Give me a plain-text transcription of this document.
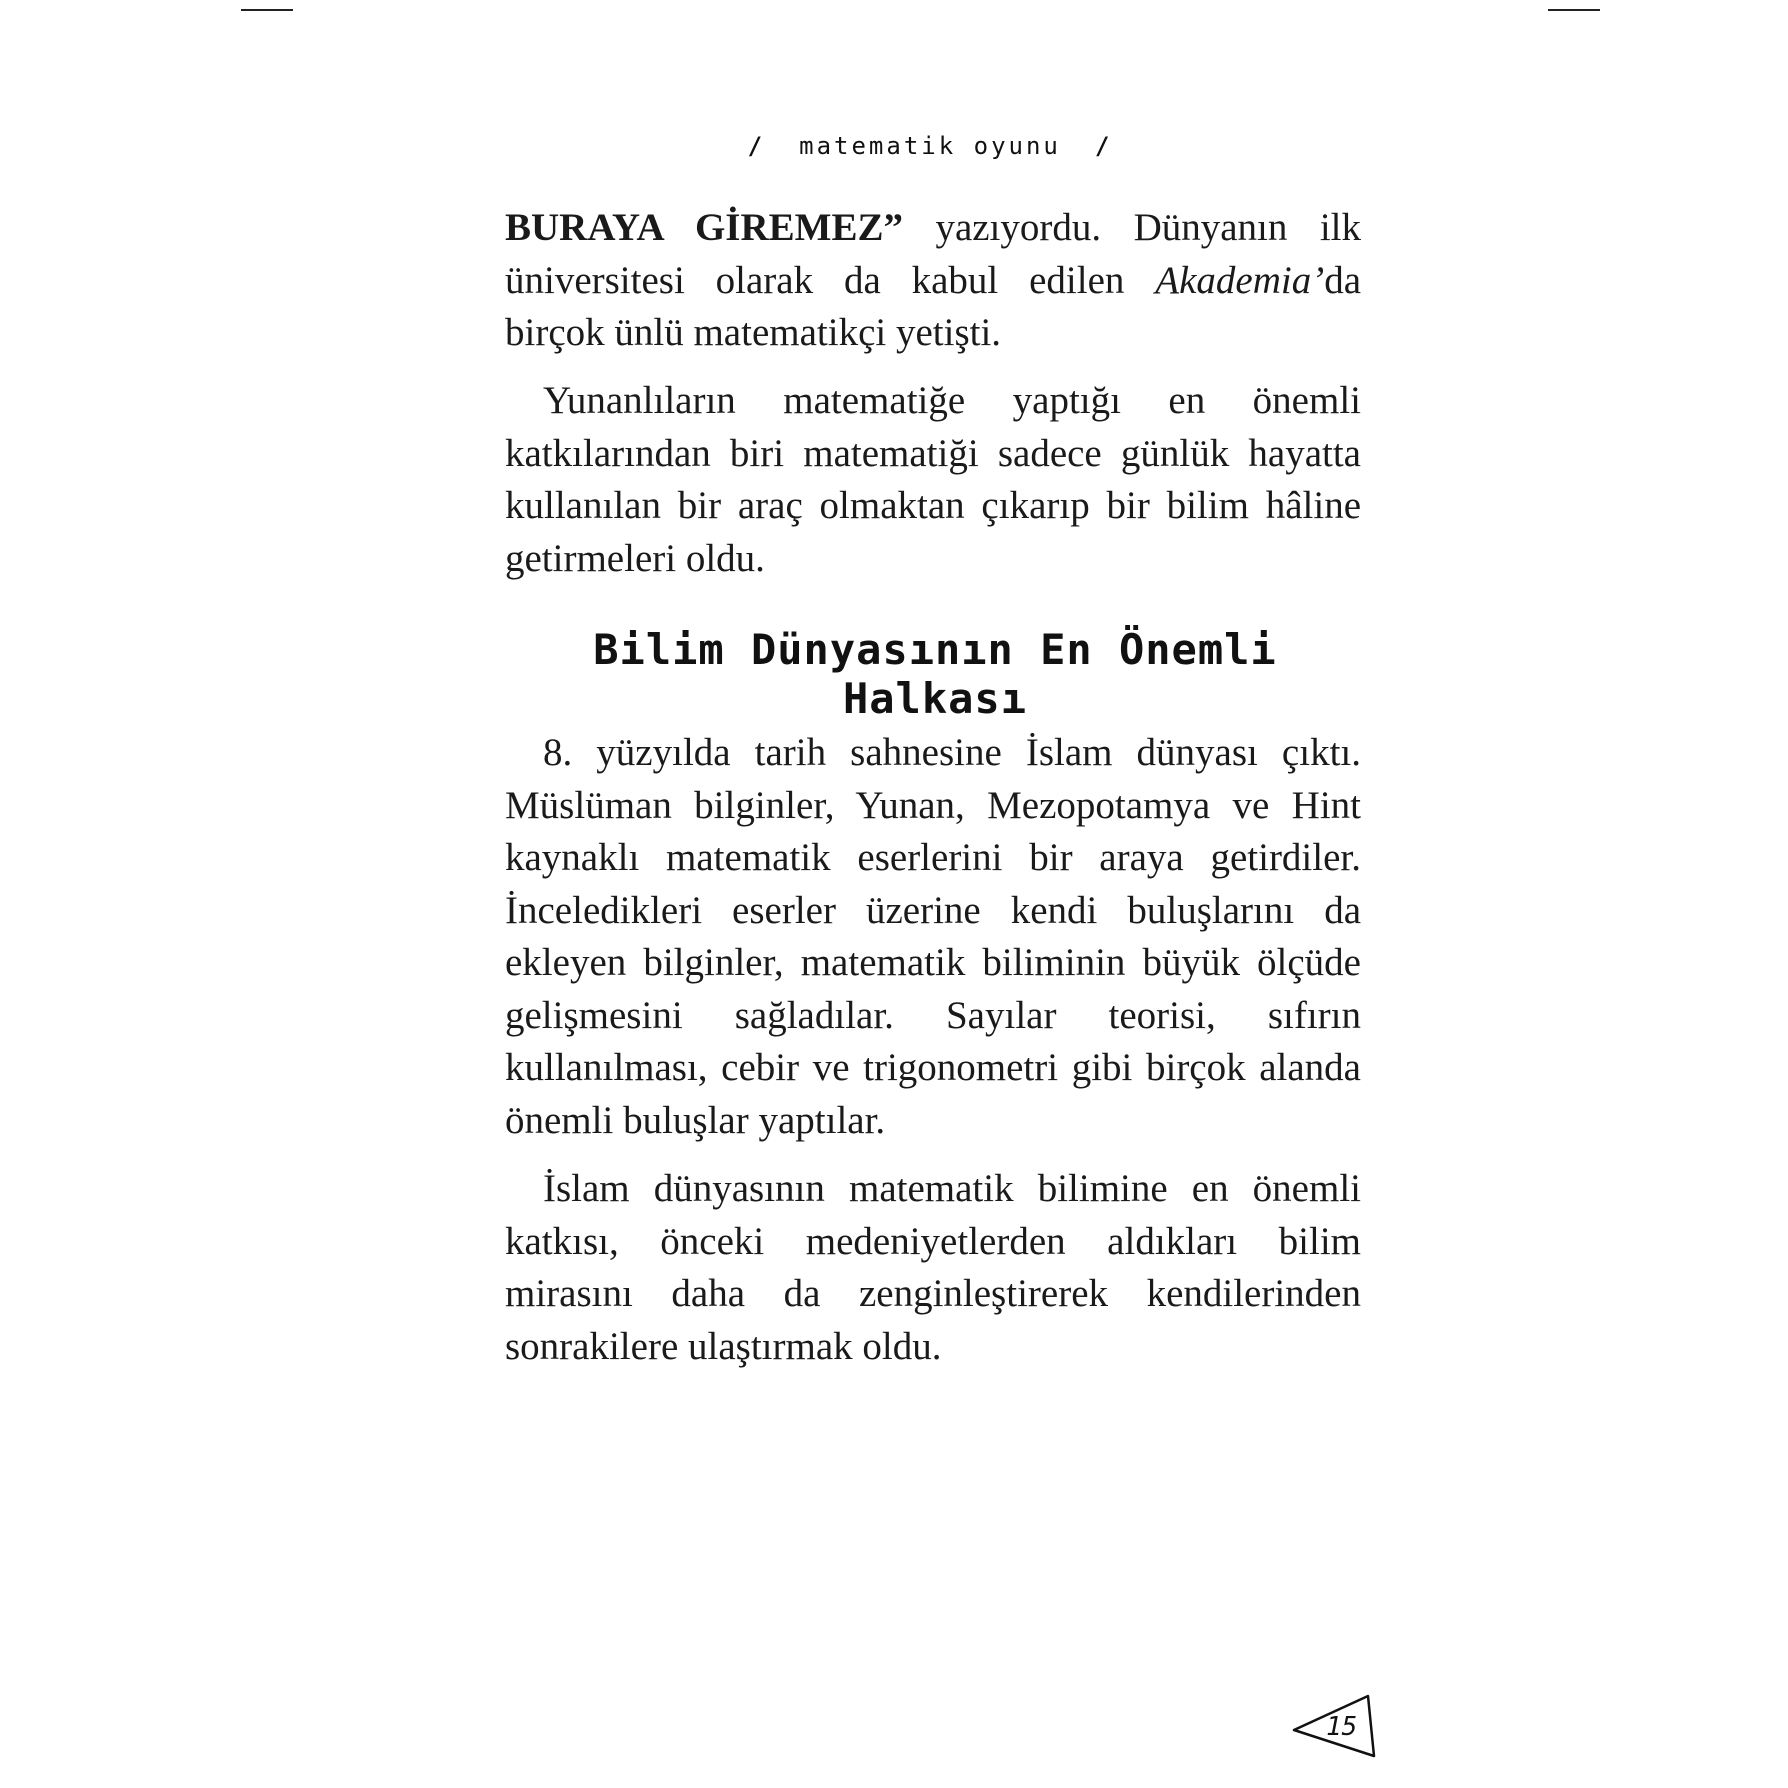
/ matematik oyunu /

BURAYA GİREMEZ” yazıyordu. Dünyanın ilk üniversitesi olarak da kabul edilen Akademia’da birçok ünlü matematikçi yetişti.

Yunanlıların matematiğe yaptığı en önemli katkılarından biri matematiği sadece günlük hayatta kullanılan bir araç olmaktan çıkarıp bir bilim hâline getirmeleri oldu.

Bilim Dünyasının En Önemli Halkası

8. yüzyılda tarih sahnesine İslam dünyası çıktı. Müslüman bilginler, Yunan, Mezopotamya ve Hint kaynaklı matematik eserlerini bir araya getirdiler. İnceledikleri eserler üzerine kendi buluşlarını da ekleyen bilginler, matematik biliminin büyük ölçüde gelişmesini sağladılar. Sayılar teorisi, sıfırın kullanılması, cebir ve trigonometri gibi birçok alanda önemli buluşlar yaptılar.

İslam dünyasının matematik bilimine en önemli katkısı, önceki medeniyetlerden aldıkları bilim mirasını daha da zenginleştirerek kendilerinden sonrakilere ulaştırmak oldu.

15
